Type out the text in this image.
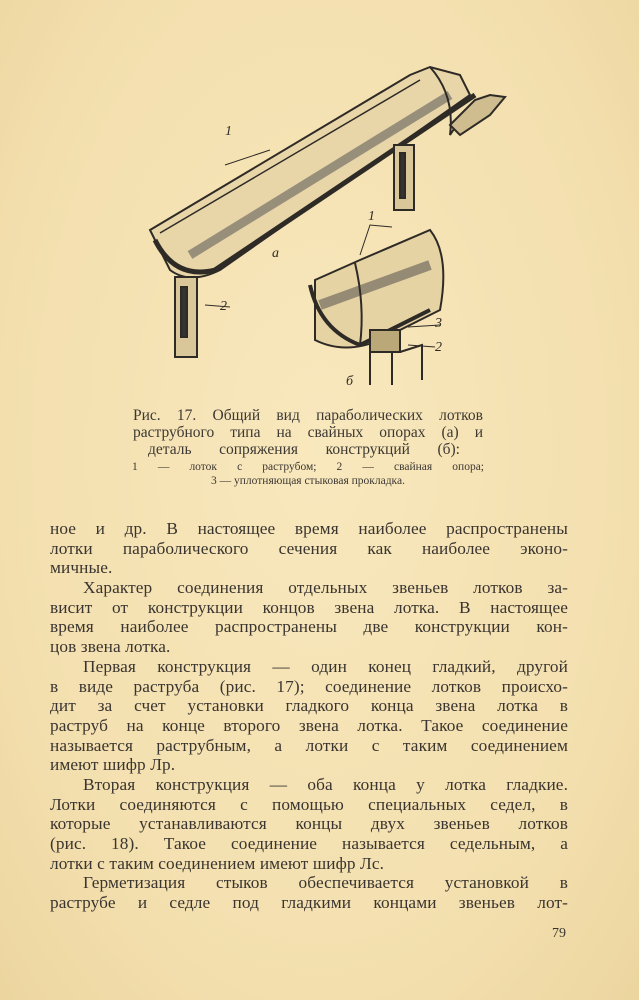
1
2
а
1
3
2
б
Рис. 17. Общий вид параболических лотков
раструбного типа на свайных опорах (а) и
деталь сопряжения конструкций (б):
1 — лоток с раструбом; 2 — свайная опора;
3 — уплотняющая стыковая прокладка.
ное и др. В настоящее время наиболее распространены
лотки параболического сечения как наиболее эконо-
мичные.
Характер соединения отдельных звеньев лотков за-
висит от конструкции концов звена лотка. В настоящее
время наиболее распространены две конструкции кон-
цов звена лотка.
Первая конструкция — один конец гладкий, другой
в виде раструба (рис. 17); соединение лотков происхо-
дит за счет установки гладкого конца звена лотка в
раструб на конце второго звена лотка. Такое соединение
называется раструбным, а лотки с таким соединением
имеют шифр Лр.
Вторая конструкция — оба конца у лотка гладкие.
Лотки соединяются с помощью специальных седел, в
которые устанавливаются концы двух звеньев лотков
(рис. 18). Такое соединение называется седельным, а
лотки с таким соединением имеют шифр Лс.
Герметизация стыков обеспечивается установкой в
раструбе и седле под гладкими концами звеньев лот-
79
